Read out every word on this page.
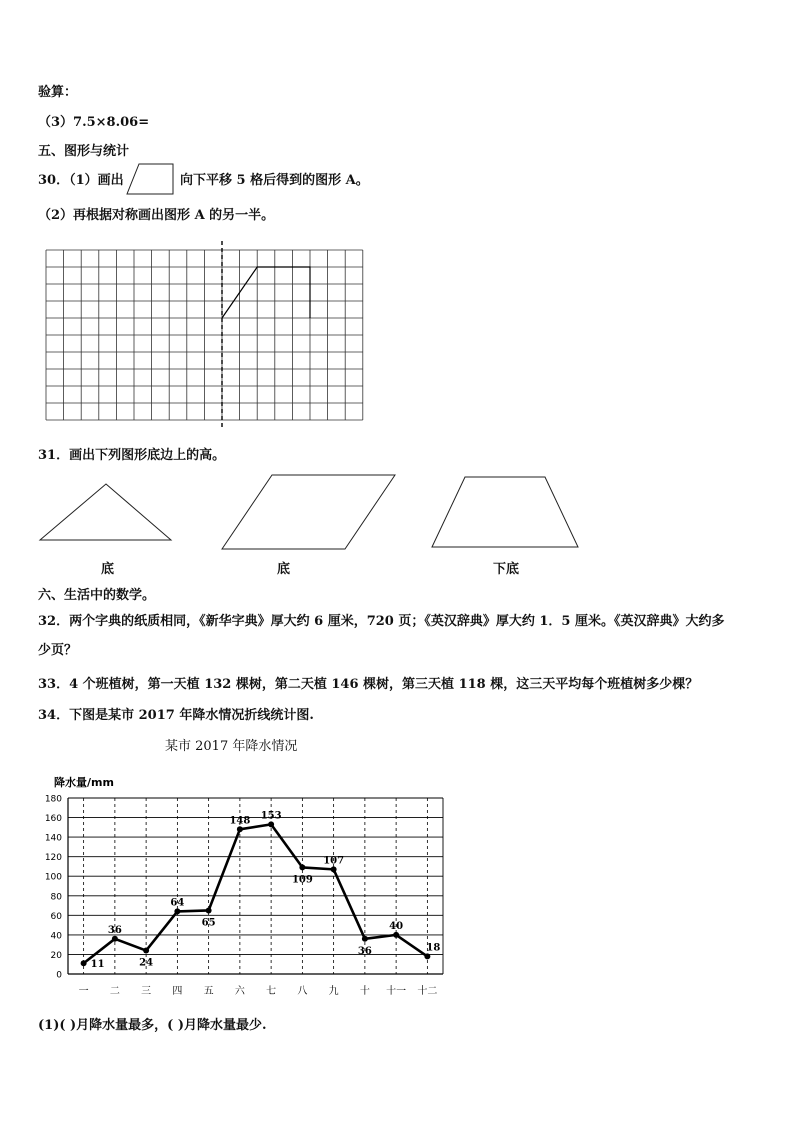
验算：
（3）7.5×8.06=
五、图形与统计
30．（1）画出	向下平移 5 格后得到的图形 A。
（2）再根据对称画出图形 A 的另一半。
31．画出下列图形底边上的高。
底	底	下底
六、生活中的数学。
32．两个字典的纸质相同，《新华字典》厚大约 6 厘米，720 页；《英汉辞典》厚大约 1．5 厘米。《英汉辞典》大约多
少页？
33．4 个班植树，第一天植 132 棵树，第二天植 146 棵树，第三天植 118 棵，这三天平均每个班植树多少棵？
34．下图是某市 2017 年降水情况折线统计图.
某市 2017 年降水情况
降水量/mm
0
20
40
60
80
100
120
140
160
180
一 二 三 四 五 六 七 八 九 十 十一 十二
11
36
24
64
65
148 153
109
107
36
40
18
(1)( )月降水量最多，( )月降水量最少.
